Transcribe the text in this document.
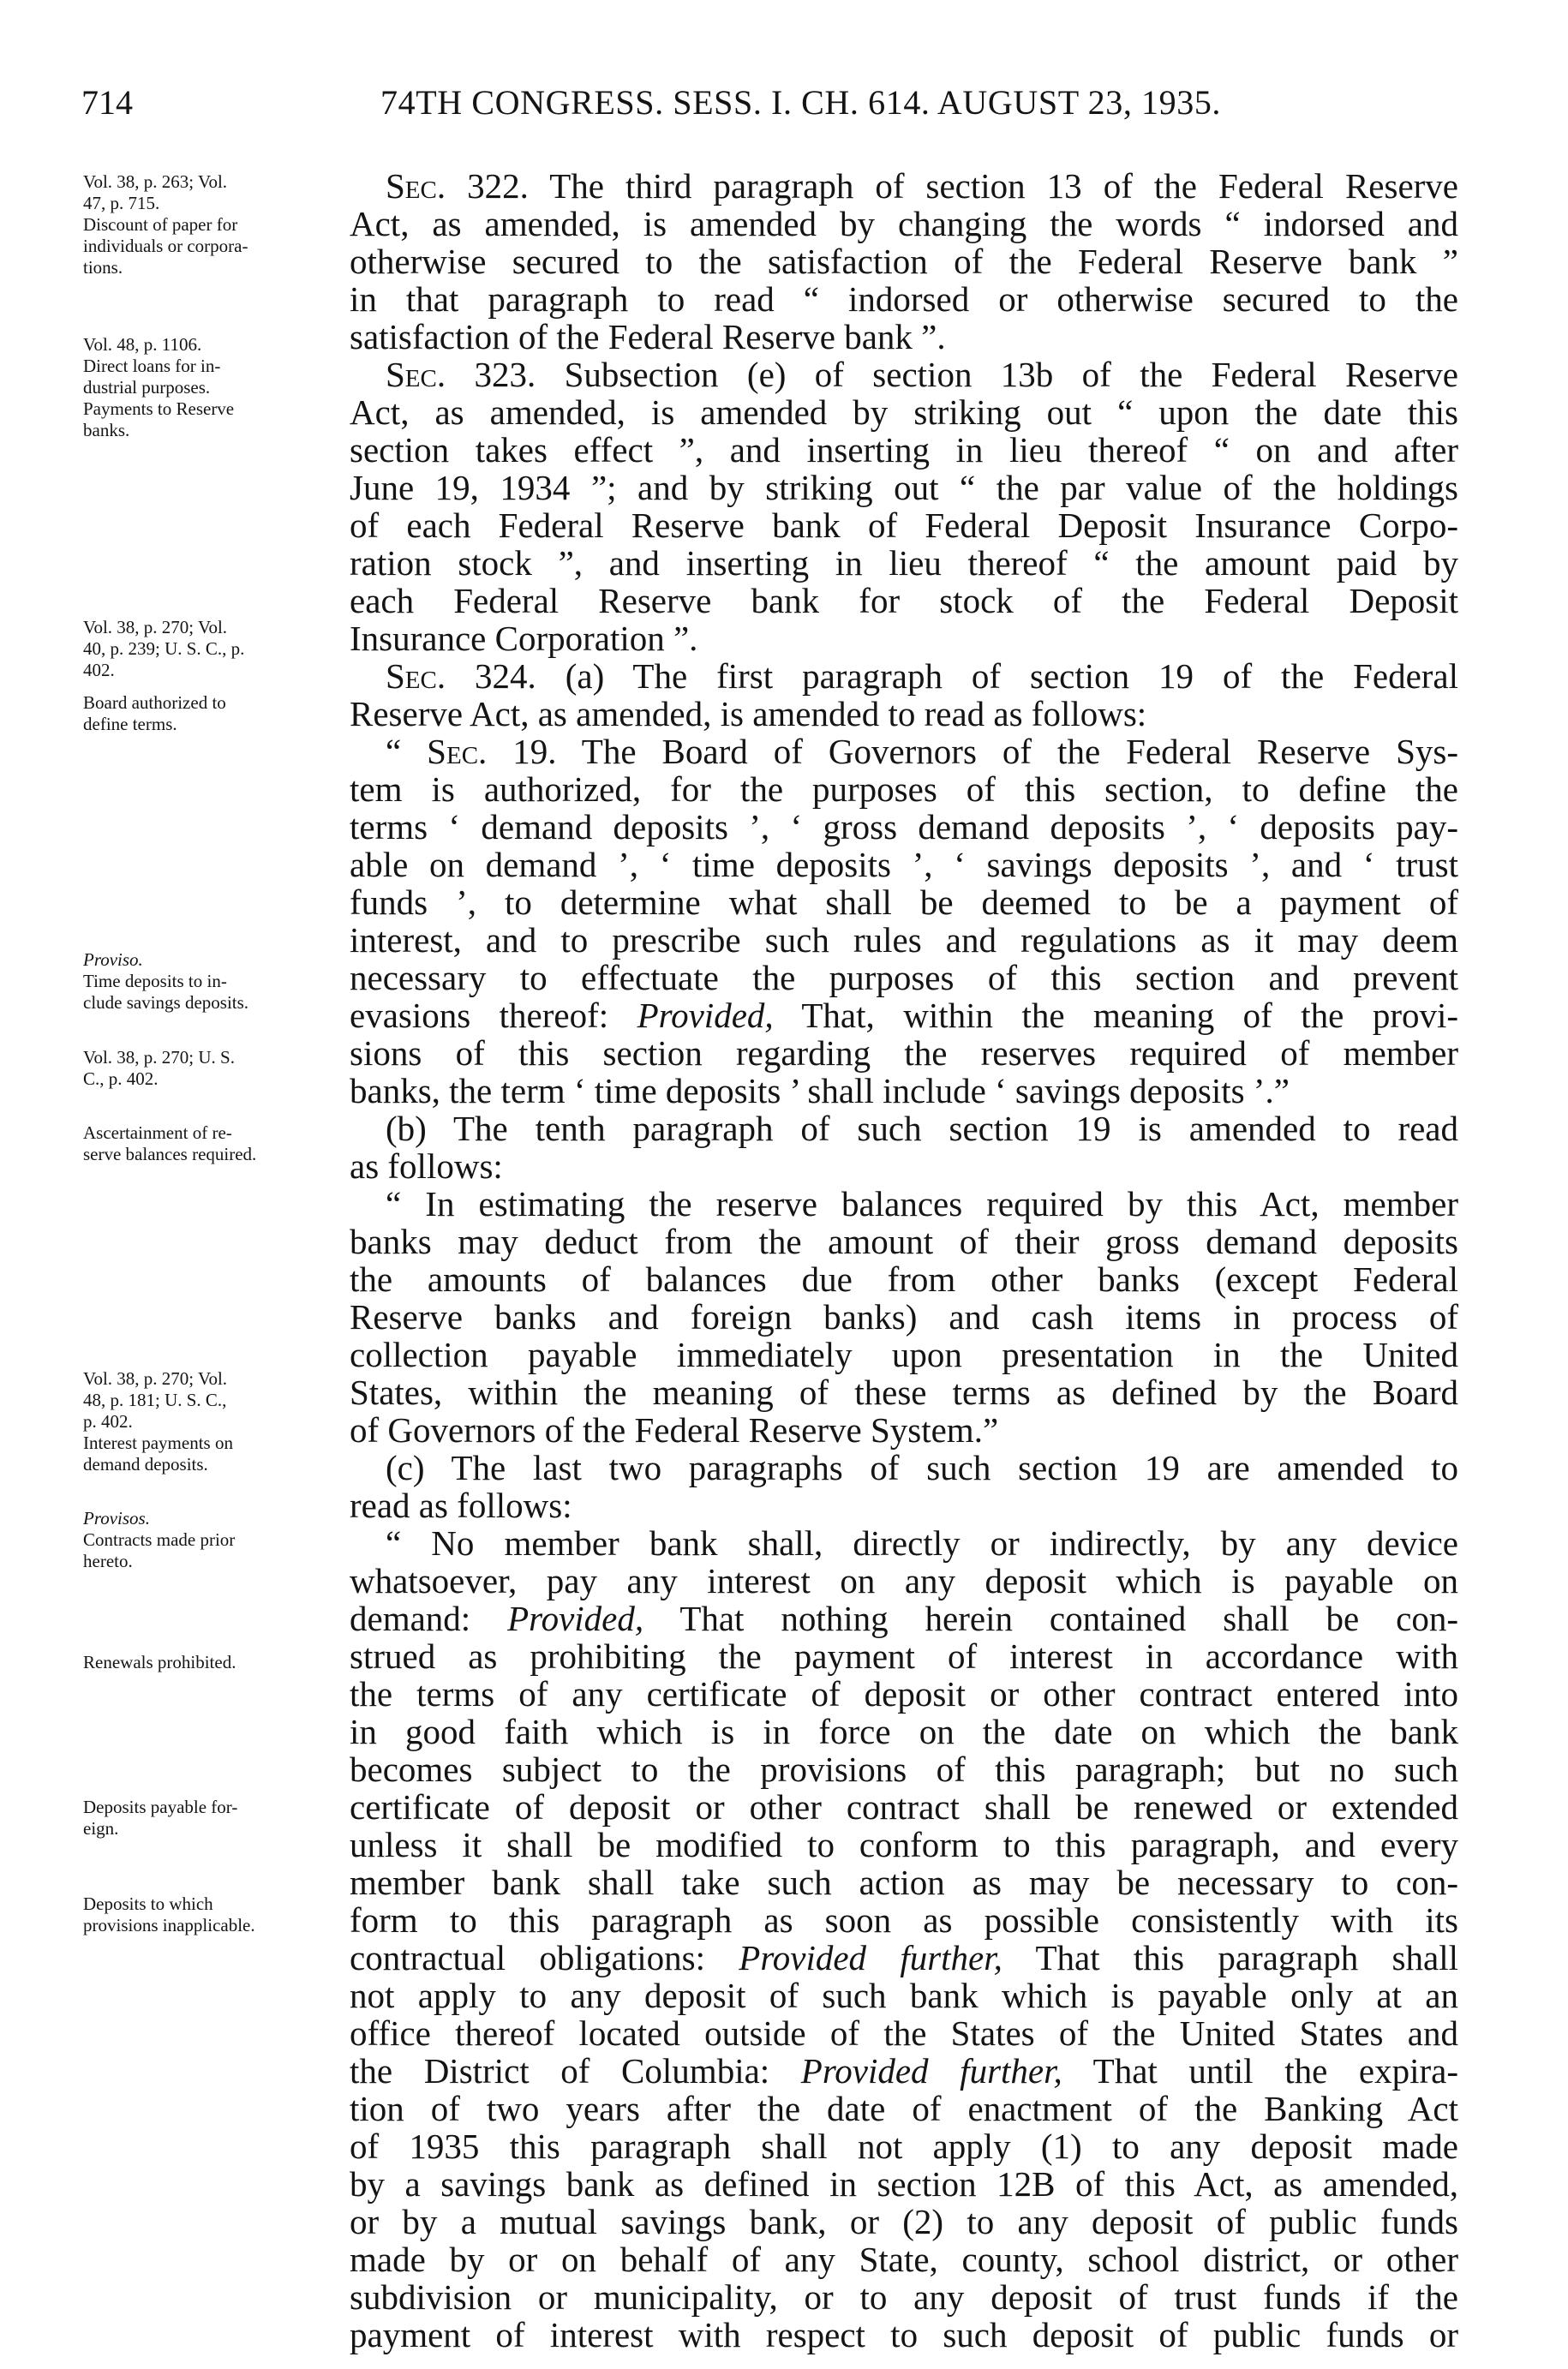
714	74TH CONGRESS. SESS. I. CH. 614. AUGUST 23, 1935.
Vol. 38, p. 263; Vol.
47, p. 715.
Discount of paper for
individuals or corpora-
tions.
Vol. 48, p. 1106.
Direct loans for in-
dustrial purposes.
Payments to Reserve
banks.
Vol. 38, p. 270; Vol.
40, p. 239; U. S. C., p.
402.
Board authorized to
define terms.
Proviso.
Time deposits to in-
clude savings deposits.
Vol. 38, p. 270; U. S.
C., p. 402.
Ascertainment of re-
serve balances required.
Vol. 38, p. 270; Vol.
48, p. 181; U. S. C.,
p. 402.
Interest payments on
demand deposits.
Provisos.
Contracts made prior
hereto.
Renewals prohibited.
Deposits payable for-
eign.
Deposits to which
provisions inapplicable.
Sec. 322. The third paragraph of section 13 of the Federal Reserve
Act, as amended, is amended by changing the words “ indorsed and
otherwise secured to the satisfaction of the Federal Reserve bank ”
in that paragraph to read “ indorsed or otherwise secured to the
satisfaction of the Federal Reserve bank ”.
Sec. 323. Subsection (e) of section 13b of the Federal Reserve
Act, as amended, is amended by striking out “ upon the date this
section takes effect ”, and inserting in lieu thereof “ on and after
June 19, 1934 ”; and by striking out “ the par value of the holdings
of each Federal Reserve bank of Federal Deposit Insurance Corpo-
ration stock ”, and inserting in lieu thereof “ the amount paid by
each Federal Reserve bank for stock of the Federal Deposit
Insurance Corporation ”.
Sec. 324. (a) The first paragraph of section 19 of the Federal
Reserve Act, as amended, is amended to read as follows:
“ Sec. 19. The Board of Governors of the Federal Reserve Sys-
tem is authorized, for the purposes of this section, to define the
terms ‘ demand deposits ’, ‘ gross demand deposits ’, ‘ deposits pay-
able on demand ’, ‘ time deposits ’, ‘ savings deposits ’, and ‘ trust
funds ’, to determine what shall be deemed to be a payment of
interest, and to prescribe such rules and regulations as it may deem
necessary to effectuate the purposes of this section and prevent
evasions thereof: Provided, That, within the meaning of the provi-
sions of this section regarding the reserves required of member
banks, the term ‘ time deposits ’ shall include ‘ savings deposits ’.”
(b) The tenth paragraph of such section 19 is amended to read
as follows:
“ In estimating the reserve balances required by this Act, member
banks may deduct from the amount of their gross demand deposits
the amounts of balances due from other banks (except Federal
Reserve banks and foreign banks) and cash items in process of
collection payable immediately upon presentation in the United
States, within the meaning of these terms as defined by the Board
of Governors of the Federal Reserve System.”
(c) The last two paragraphs of such section 19 are amended to
read as follows:
“ No member bank shall, directly or indirectly, by any device
whatsoever, pay any interest on any deposit which is payable on
demand: Provided, That nothing herein contained shall be con-
strued as prohibiting the payment of interest in accordance with
the terms of any certificate of deposit or other contract entered into
in good faith which is in force on the date on which the bank
becomes subject to the provisions of this paragraph; but no such
certificate of deposit or other contract shall be renewed or extended
unless it shall be modified to conform to this paragraph, and every
member bank shall take such action as may be necessary to con-
form to this paragraph as soon as possible consistently with its
contractual obligations: Provided further, That this paragraph shall
not apply to any deposit of such bank which is payable only at an
office thereof located outside of the States of the United States and
the District of Columbia: Provided further, That until the expira-
tion of two years after the date of enactment of the Banking Act
of 1935 this paragraph shall not apply (1) to any deposit made
by a savings bank as defined in section 12B of this Act, as amended,
or by a mutual savings bank, or (2) to any deposit of public funds
made by or on behalf of any State, county, school district, or other
subdivision or municipality, or to any deposit of trust funds if the
payment of interest with respect to such deposit of public funds or
